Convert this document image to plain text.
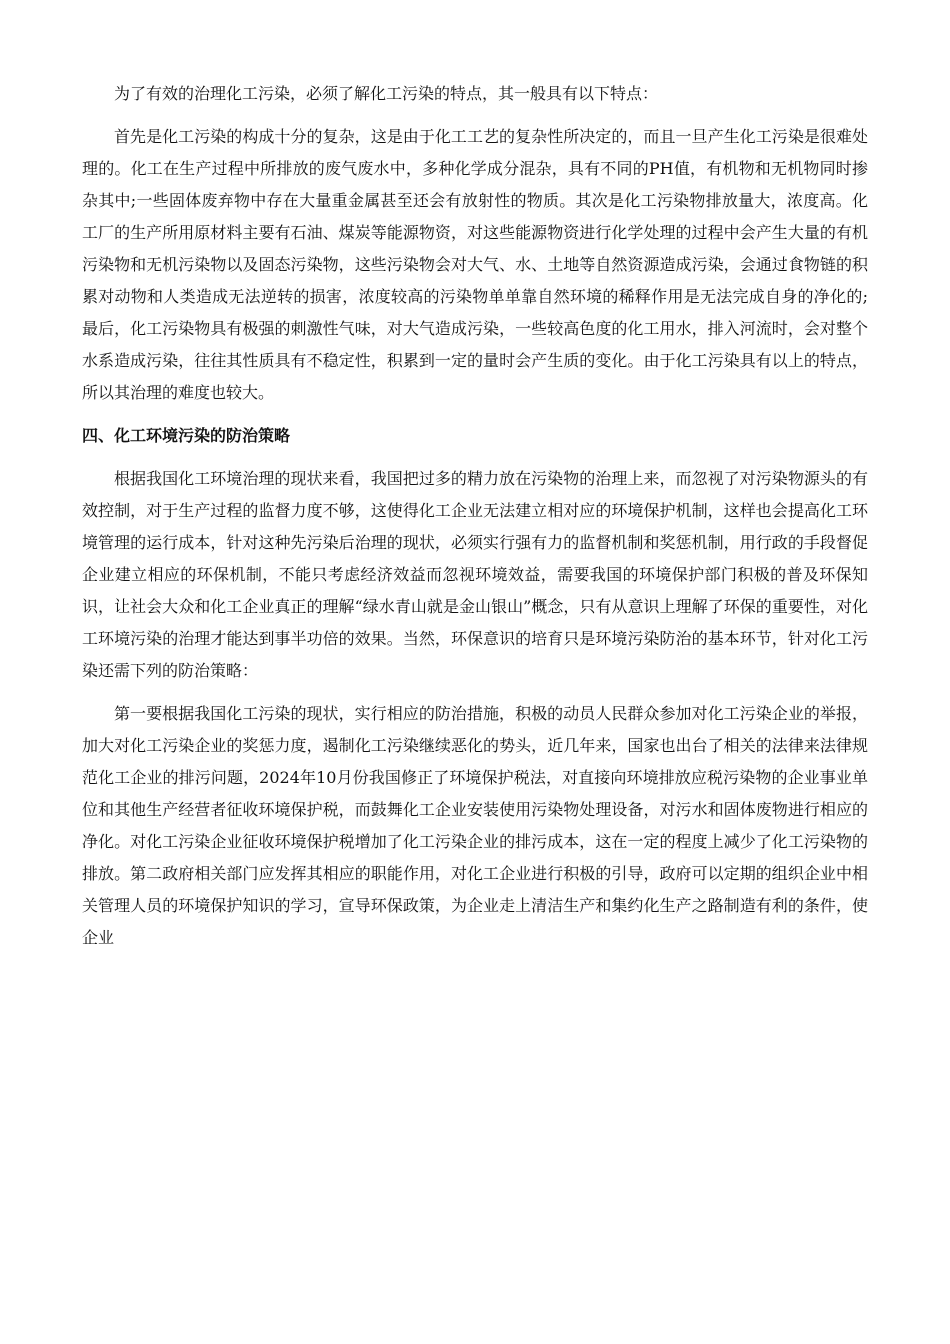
为了有效的治理化工污染，必须了解化工污染的特点，其一般具有以下特点：

首先是化工污染的构成十分的复杂，这是由于化工工艺的复杂性所决定的，而且一旦产生化工污染是很难处理的。化工在生产过程中所排放的废气废水中，多种化学成分混杂，具有不同的PH值，有机物和无机物同时掺杂其中;一些固体废弃物中存在大量重金属甚至还会有放射性的物质。其次是化工污染物排放量大，浓度高。化工厂的生产所用原材料主要有石油、煤炭等能源物资，对这些能源物资进行化学处理的过程中会产生大量的有机污染物和无机污染物以及固态污染物，这些污染物会对大气、水、土地等自然资源造成污染，会通过食物链的积累对动物和人类造成无法逆转的损害，浓度较高的污染物单单靠自然环境的稀释作用是无法完成自身的净化的;最后，化工污染物具有极强的刺激性气味，对大气造成污染，一些较高色度的化工用水，排入河流时，会对整个水系造成污染，往往其性质具有不稳定性，积累到一定的量时会产生质的变化。由于化工污染具有以上的特点，所以其治理的难度也较大。

四、化工环境污染的防治策略

根据我国化工环境治理的现状来看，我国把过多的精力放在污染物的治理上来，而忽视了对污染物源头的有效控制，对于生产过程的监督力度不够，这使得化工企业无法建立相对应的环境保护机制，这样也会提高化工环境管理的运行成本，针对这种先污染后治理的现状，必须实行强有力的监督机制和奖惩机制，用行政的手段督促企业建立相应的环保机制，不能只考虑经济效益而忽视环境效益，需要我国的环境保护部门积极的普及环保知识，让社会大众和化工企业真正的理解“绿水青山就是金山银山”概念，只有从意识上理解了环保的重要性，对化工环境污染的治理才能达到事半功倍的效果。当然，环保意识的培育只是环境污染防治的基本环节，针对化工污染还需下列的防治策略：

第一要根据我国化工污染的现状，实行相应的防治措施，积极的动员人民群众参加对化工污染企业的举报，加大对化工污染企业的奖惩力度，遏制化工污染继续恶化的势头，近几年来，国家也出台了相关的法律来法律规范化工企业的排污问题，2024年10月份我国修正了环境保护税法，对直接向环境排放应税污染物的企业事业单位和其他生产经营者征收环境保护税，而鼓舞化工企业安装使用污染物处理设备，对污水和固体废物进行相应的净化。对化工污染企业征收环境保护税增加了化工污染企业的排污成本，这在一定的程度上减少了化工污染物的排放。第二政府相关部门应发挥其相应的职能作用，对化工企业进行积极的引导，政府可以定期的组织企业中相关管理人员的环境保护知识的学习，宣导环保政策，为企业走上清洁生产和集约化生产之路制造有利的条件，使企业
